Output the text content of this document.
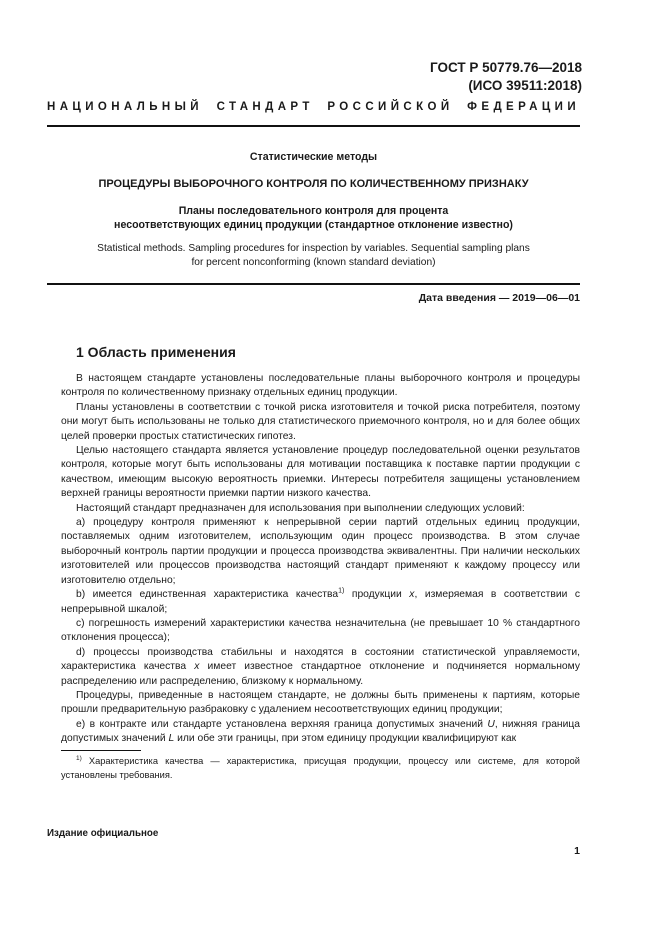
ГОСТ Р 50779.76—2018
(ИСО 39511:2018)
НАЦИОНАЛЬНЫЙ СТАНДАРТ РОССИЙСКОЙ ФЕДЕРАЦИИ
Статистические методы
ПРОЦЕДУРЫ ВЫБОРОЧНОГО КОНТРОЛЯ ПО КОЛИЧЕСТВЕННОМУ ПРИЗНАКУ
Планы последовательного контроля для процента
несоответствующих единиц продукции (стандартное отклонение известно)
Statistical methods. Sampling procedures for inspection by variables. Sequential sampling plans
for percent nonconforming (known standard deviation)
Дата введения — 2019—06—01
1 Область применения

В настоящем стандарте установлены последовательные планы выборочного контроля и процедуры контроля по количественному признаку отдельных единиц продукции.

Планы установлены в соответствии с точкой риска изготовителя и точкой риска потребителя, поэтому они могут быть использованы не только для статистического приемочного контроля, но и для более общих целей проверки простых статистических гипотез.

Целью настоящего стандарта является установление процедур последовательной оценки результатов контроля, которые могут быть использованы для мотивации поставщика к поставке партии продукции с качеством, имеющим высокую вероятность приемки. Интересы потребителя защищены установлением верхней границы вероятности приемки партии низкого качества.

Настоящий стандарт предназначен для использования при выполнении следующих условий:

а) процедуру контроля применяют к непрерывной серии партий отдельных единиц продукции, поставляемых одним изготовителем, использующим один процесс производства. В этом случае выборочный контроль партии продукции и процесса производства эквивалентны. При наличии нескольких изготовителей или процессов производства настоящий стандарт применяют к каждому процессу или изготовителю отдельно;

b) имеется единственная характеристика качества$^{1)}$ продукции x, измеряемая в соответствии с непрерывной шкалой;

с) погрешность измерений характеристики качества незначительна (не превышает 10 % стандартного отклонения процесса);

d) процессы производства стабильны и находятся в состоянии статистической управляемости, характеристика качества x имеет известное стандартное отклонение и подчиняется нормальному распределению или распределению, близкому к нормальному.

Процедуры, приведенные в настоящем стандарте, не должны быть применены к партиям, которые прошли предварительную разбраковку с удалением несоответствующих единиц продукции;

е) в контракте или стандарте установлена верхняя граница допустимых значений U, нижняя граница допустимых значений L или обе эти границы, при этом единицу продукции квалифицируют как

$^{1)}$ Характеристика качества — характеристика, присущая продукции, процессу или системе, для которой установлены требования.
Издание официальное
1
